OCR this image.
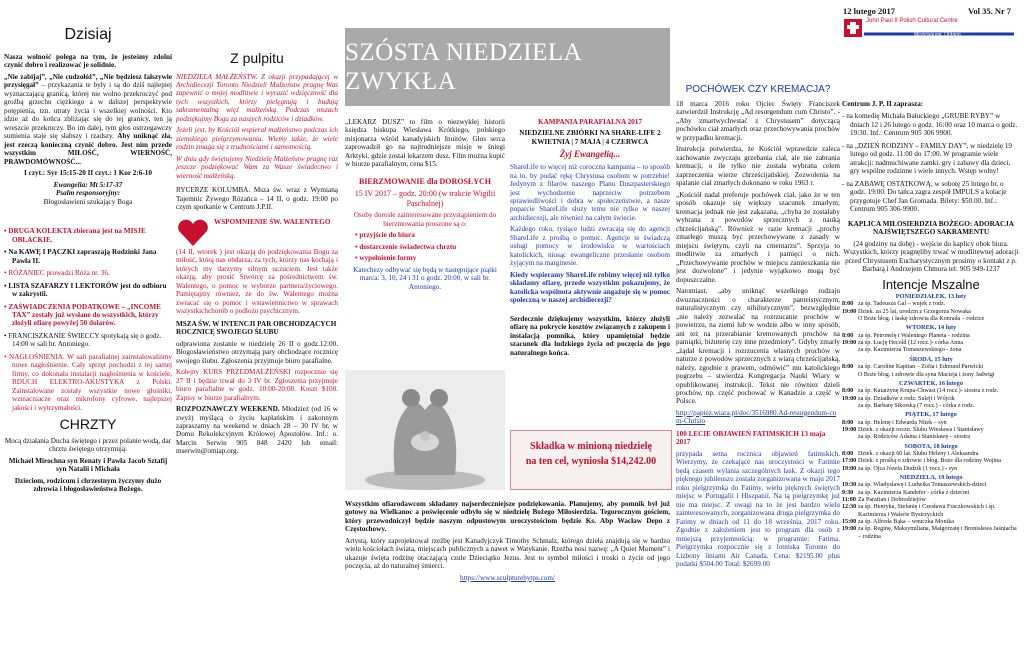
12 lutego 2017	Vol 35. Nr 7
John Paul II Polish Cultural Centre
Mississauga, Ontario
SZÓSTA NIEDZIELA ZWYKŁA
Dzisiaj

Nasza wolność polega na tym, że jesteśmy zdolni czynić dobro i realizować je solidnie.

„Nie zabijaj”, „Nie cudzołóż”, „Nie będziesz fałszywie przysięgał” – przykazania te były i są do dziś najlepiej wyznaczającą granicą, której nie wolno przekroczyć pod groźbą grzechu ciężkiego a w dalszej perspektywie potępienia, tzn. utraty życia i wszelkiej wolności. Kto idzie aż do końca zbliżając się do tej granicy, ten ją wreszcie przekroczy. Bo im dalej, tym głos ostrzegawczy sumienia staje się słabszy i rzadszy. Aby uniknąć zła, jest rzeczą konieczną czynić dobro. Jest nim przede wszystkim MIŁOŚĆ, WIERNOŚĆ, PRAWDOMÓWNOŚĆ...

I czyt.: Syr 15:15-20 II czyt.: 1 Kor 2:6-10

Ewangelia: Mt 5:17-37

Psalm responsoryjny:

Błogosławieni szukający Boga

• DRUGA KOLEKTA zbierana jest na MISJE OBLACKIE.

• Na KAWĘ I PĄCZKI zapraszają Rodzinki Jana Pawła II.

• RÓŻANIEC prowadzi Róża nr. 36.

• LISTA SZAFARZY I LEKTORÓW jest do odbioru w zakrystii.

• ZAŚWIADCZENIA PODATKOWE – „INCOME TAX” zostały już wysłane do wszystkich, którzy złożyli ofiarę powyżej 50 dolarów.

• FRANCISZKANIE ŚWIECCY spotykają się o godz. 14:00 w sali br. Antoniego.

• NAGŁOŚNIENIA. W sali parafialnej zainstalowaliśmy nowe nagłośnienie. Cały sprzęt pochodzi z tej samej firmy, co dokonała instalacji nagłośnienia w kościele, RDUCH ELEKTRO-AKUSTYKA z Polski. Zainstalowane zostały wszystkie nowe głośniki, wzmacniacze oraz mikrofony cyfrowe, najlepszej jakości i wytrzymałości.

CHRZTY

Mocą działania Ducha świętego i przez polanie wodą, dar chrztu świętego otrzymują:

Michael Mirochna syn Renaty i Pawła Jacob Sztafij syn Natalii i Michała

Dzieciom, rodzicom i chrzestnym życzymy dużo zdrowia i błogosławieństwa Bożego.

Z pulpitu

NIEDZIELA MAŁŻEŃSTW. Z okazji przypadającej w Archidiecezji Toronto Niedzieli Małżeństw pragnę Was zapewnić o mojej modlitwie i wyrazić wdzięczność dla tych wszystkich, którzy pielęgnują i budują sakramentalną więź małżeńską. Podczas mszach podziękujmy Bogu za naszych rodziców i dziadków.

Jeżeli jest, by Kościół wspierał małżeństwo podczas ich ziemskiego pielgrzymowania. Wiemy także, że wiele rodzin zmaga się z trudnościami i samotnością.

W dniu gdy świętujemy Niedzielę Małżeństw pragnę raz jeszcze podziękować Wam za Wasze świadectwo i wierność małżeńską.

RYCERZE KOLUMBA. Msza św. wraz z Wymianą Tajemnic Żywego Różańca – 14 II, o godz. 19:00 po czym spotkanie w Centrum J.P.II.

WSPOMNIENIE ŚW. WALENTEGO

(14 II, wtorek ) jest okazją do podziękowania Bogu za miłość, którą nas obdarza, za tych, którzy nas kochają i których my darzymy silnym uczuciem. Jest także okazją, aby prosić Stwórcę za pośrednictwem św. Walentego, o pomoc w wyborze partnera/życiowego. Pamiętajmy również, że do św. Walentego można zwracać się o pomoc i wstawiennictwo w sprawach wszystkichchorób o podłożu psychicznym.

MSZA ŚW. W INTENCJI PAR OBCHODZĄCYCH ROCZNICĘ SWOJEGO ŚLUBU

odprawiona zostanie w niedzielę 26 II o godz.12:00. Błogosławieństwo otrzymają pary obchodzące rocznicę swojego ślubu. Zgłoszenia przyjmuje biuro parafialne.

Kolejny KURS PRZEDMAŁŻEŃSKI rozpocznie się 27 II i będzie trwał do 3 IV br. Zgłoszenia przyjmuje biuro parafialne w godz. 10:00-20:00. Koszt $100. Zapisy w biurze parafialnym.

ROZPOZNAWCZY WEEKEND. Młodzież (od 16 w zwyż) myślącą o życiu kapłańskim i zakonnym zapraszamy na weekend w dniach 28 – 30 IV br. w Domu Rekolekcyjnym Królowej Apostołów. Inf.: o. Marcin Serwin 905 848 2420 lub email: mserwin@omiap.org.

„LEKARZ DUSZ” to film o niezwykłej historii księdza biskupa Wiesława Krótkiego, polskiego misjonarza wśród kanadyjskich Inuitów. Głos serca zaprowadził go na najtrudniejsze misje w śniegi Arktyki, gdzie został lekarzem dusz. Film można kupić w biurze parafialnym, cena $15.

BIERZMOWANIE dla DOROSŁYCH

15 IV 2017 – godz. 20:00 (w trakcie Wigilii Paschalnej)

Osoby dorosłe zainteresowane przystąpieniem do bierzmowania proszone są o:

• przyjście do biura

• dostarczenie świadectwa chrztu

• wypełnienie formy

Katechezy odbywać się będą w następujące piątki marca: 3, 10, 24 i 31 o godz. 20:00, w sali br. Antoniego.

KAMPANIA PARAFIALNA 2017

NIEDZIELNE ZBIÓRKI NA SHARE-LIFE 2 KWIETNIA | 7 MAJA | 4 CZERWCA

Żyj Ewangelią...

ShareLife to więcej niż coroczna kampania – to sposób na to, by podać rękę Chrystusa osobom w potrzebie! Jedynym z filarów naszego Planu Duszpasterskiego jest wychodzenie naprzeciw potrzebom sprawiedliwości i dobra w społeczeństwie, a nasze poparcie ShareLife służy temu nie tylko w naszej archidiecezji, ale również na całym świecie.

Każdego roku, tysiące ludzi zwracają się do agencji ShareLife z prośbą o pomoc. Agencje te świadczą usługi pomocy w środowisku w wartościach katolickich, niosąc ewangeliczne przesłanie osobom żyjącym na marginesie.

Kiedy wspieramy ShareLife robimy więcej niż tylko składamy ofiarę, przede wszystkim pokazujemy, że katolicka wspólnota aktywnie angażuje się w pomoc społeczną w naszej archidiecezji?

Serdecznie dziękujemy wszystkim, którzy złożyli ofiarę na pokrycie kosztów związanych z zakupem i instalacją pomnika, który upamiętniał będzie szacunek dla ludzkiego życia od poczęcia do jego naturalnego końca.

Składka w minioną niedzielę

na ten cel, wyniosła $14,242.00

Wszystkim ofiarodawcom składamy najserdeczniejsze podziękowania. Planujemy, aby pomnik był już gotowy na Wielkanoc a poświęcenie odbyło się w niedzielę Bożego Miłosierdzia. Tegorocznym gościem, który przewodniczył będzie naszym odpustowym uroczystościom będzie Ks. Abp Wacław Depo z Częstochowy.

Artystą, który zaprojektował rzeźbę jest Kanadyjczyk Timothy Schmalz, którego dzieła znajdują się w bardzo wielu kościołach świata, miejscach publicznych a nawet w Watykanie. Rzeźba nosi nazwę: „A Quiet Moment” i ukazuje święta rodzinę otaczającą czule Dzieciątko Jezus. Jest to symbol miłości i troski o życie od jego poczęcia, aż do naturalnej śmierci.

https://www.sculpturebytps.com/

POCHÓWEK CZY KREMACJA?

18 marca 2016 roku Ojciec Święty Franciszek zatwierdził Instrukcję „Ad resurgendum cum Christo”. - „Aby zmartwychwstać z Chrystusem” dotyczącą pochówku ciał zmarłych oraz przechowywania prochów w przypadku kremacji.

Instrukcja potwierdza, że Kościół wprawdzie zaleca zachowanie zwyczaju grzebania ciał, ale nie zabrania kremacji, o ile tylko nie została wybrana celem zaprzeczenia wierze chrześcijańskiej. Zezwolenia na spalanie ciał zmarłych dokonano w roku 1963 r.

„Kościół nadal preferuje pochówek ciał, jako że w ten sposób okazuje się większy szacunek zmarłym; kremacja jednak nie jest zakazana, „chyba że zostałaby wybrana z powodów sprzecznych z nauką chrześcijańską”. Również w razie kremacji „prochy zmarłego muszą być przechowywane z zasady w miejscu świętym, czyli na cmentarzu”. Sprzyja to modlitwie za zmarłych i pamięci o nich. „Przechowywanie prochów w miejscu zamieszkania nie jest dozwolone” i jedynie wyjątkowo mogą być dopuszczalne.

Natomiast, „aby uniknąć wszelkiego rodzaju dwuznaczności o charakterze panteistycznym, naturalistycznym czy nihilistycznym”, bezwzględnie „nie należy zezwalać na rozrzucanie prochów w powietrzu, na ziemi lub w wodzie albo w inny sposób, ani też na przerabianie kremowanych prochów na pamiątki, biżuterię czy inne przedmioty”. Gdyby zmarły „żądał kremacji i rozrzucenia własnych prochów w naturze z powodów sprzecznych z wiarą chrześcijańską, należy, zgodnie z prawem, odmówić” mu katolickiego pogrzebu – stwierdza Kongregacja Nauki Wiary w opublikowanej instrukcji. Tekst nie równiez dzieli prochów, np. część pochować w Kanadzie a część w Polsce.

http://papiez.wiara.pl/doc/3516980.Ad-resurgendum-cum-Christo

100 LECIE OBJAWIEŃ FATIMSKICH 13 maja 2017

przypada setna rocznica objawień fatimskich. Wierzymy, że czekające nas uroczystości w Fatimie będą czasem wylania szczególnych łask. Z okazji tego pięknego jubileuszu została zorganizowana w maju 2017 roku pielgrzymka do Fatimy, wielu pięknych świętych miejsc w Portugalii i Hiszpanii. Na tą pielgrzymkę już nie ma miejsc. Z uwagi na to że jest bardzo wielu zainteresowanych, zorganizowana druga pielgrzymka do Fatimy w dniach od 11 do 18 września, 2017 roku. Zgodnie z założeniem jest to program dla osób z mniejszą przyjemnością: w programie: Fatima. Pielgrzymka rozpocznie się z lotniska Toronto do Lizbony liniami Air Canada. Cena: $2195.00 plus podatki $504.00 Total: $2699.00

Centrum J. P. II zaprasza:

- na komedię Michała Bałuckiego „GRUBE RYBY” w dniach 12 i 26 lutego o godz. 16:00 oraz 10 marca o godz. 19:30. Inf.: Centrum 905 306 9900.

- na „DZIEŃ RODZINY – FAMILY DAY”, w niedzielę 19 lutego od godz. 11:00 do 17:00. W programie wiele atrakcji: nadmuchiwane zamki, gry i zabawy dla dzieci, gry wspólne rodzinne i wiele innych. Wstęp wolny!

- na ZABAWĘ OSTATKOWĄ, w sobotę 25 lutego br. o godz. 19:00. Do tańca zagra zespół IMPULS a kolacje przygotuje Chef Jan Gromada. Bilety: $50.00. Inf.: Centrum 905 306-9900.

KAPLICA MIŁOSIERDZIA BOŻEGO: ADORACJA NAJŚWIĘTSZEGO SAKRAMENTU

(24 godziny na dobę) - wejście do kaplicy obok biura. Wszystkich, którzy pragnęliby trwać w modlitewnej adoracji przed Chrystusem Eucharystycznym prosimy o kontakt z p. Barbarą i Andrzejem Chmura tel: 905 949-1237

Intencje Mszalne
PONIEDZIAŁEK, 13 luty
8:00 za śp. Tadeusza Gal – wujek z rodz.
19:00 Dziek. za 25 lat, urodzin z Grzegorza Nowaka
O Boże błog. i łaskę zdrowia dla Konrada – rodzice
WTOREK, 14 luty
8:00 za śp. Petronelę i Walentego Planeta - rodzina
19:00 za śp. Łucję Hecold (12 rocz.)- córka Anna
za śp. Kazimierza Tomaszewskiego - żona
ŚRODA, 15 luty
8:00 za śp. Caroline Kapitan – Zofia i Edmund Parwicki
O Boże błog. i zdrowie dla syna Macieja i żony Jadwigi
CZWARTEK, 16 lutego
8:00 za śp. Katarzynę Krupa-Chwast (14 rocz.)- siostra z rodz.
19:00 za śp. Dziadków z rodz. Suleji i Wójcik
za śp. Barbarę Sikorską (7 rocz.) - córka z rodz.
PIĄTEK, 17 lutego
8:00 za śp. Helenę i Edwarda Nitek – syn
19:00 Dziek. z okazji roczn. Ślubu Wiesława i Stanisławy
za śp. Rodziców Adama i Stanisławę – siostra
SOBOTA, 18 lutego
8:00 Dziek. z okazji 60 lat. Ślubu Heleny i Aleksandra
17:00 Dziek. z prośbą o zdrowie i błog. Boże dla rodziny Wojina
19:00 za śp. Ojca Józefa Dudzik (1 rocz.) - syn
NIEDZIELA, 19 lutego
19:30 za śp. Władysławę i Ludwika Tomaszewskich-dzieci
9:30 za śp. Kazimierza Kandefer - córka z dziećmi
11:00 Za Parafian i Dobrodziejów
12:30 za śp. Henryka, Stefanię i Czesława Fraczkowskich i śp. Kazimierza i Walerie Bystrzyckich
15:00 za śp. Alfreda Bąka – wnuczka Monika
19:00 za śp. Reginę, Maksymiliana, Małgorzatę i Bronisława Jaśniacha – rodzina
